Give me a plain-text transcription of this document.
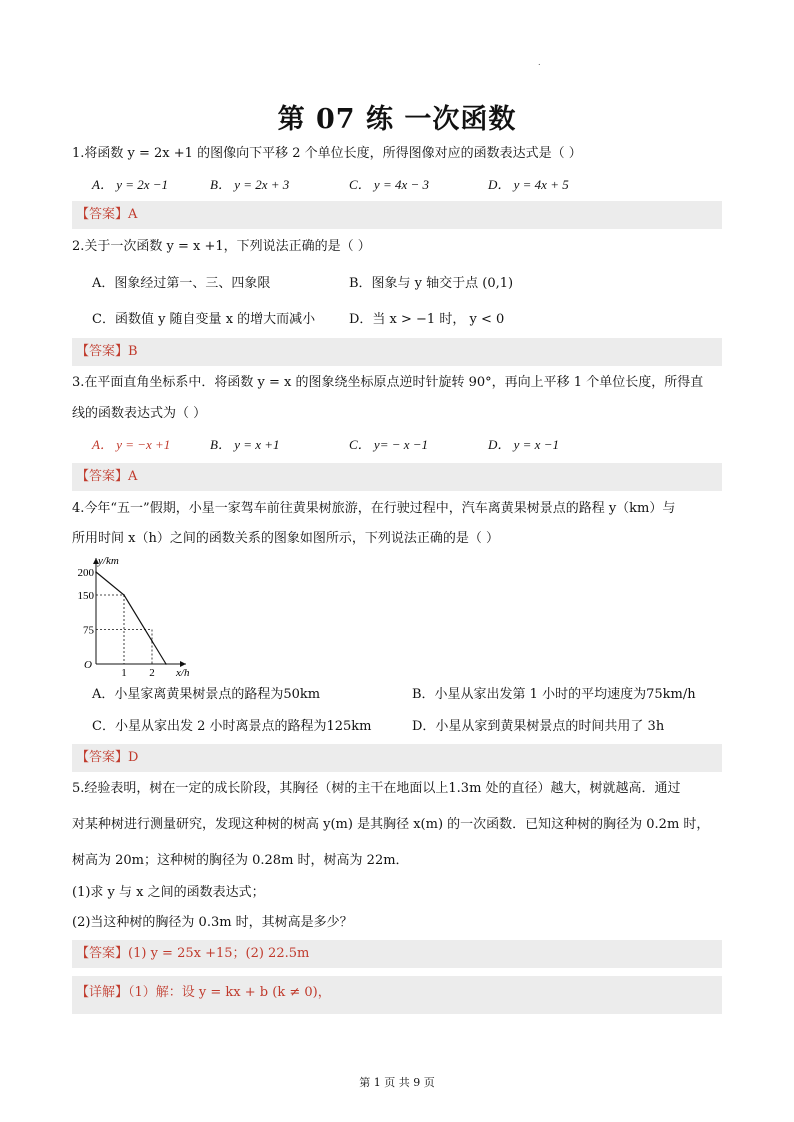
.
第 07 练 一次函数
1.将函数 y = 2x +1 的图像向下平移 2 个单位长度，所得图像对应的函数表达式是（ ）
A． y = 2x −1	B． y = 2x + 3	C． y = 4x − 3	D． y = 4x + 5
【答案】A
2.关于一次函数 y = x +1，下列说法正确的是（ ）
A．图象经过第一、三、四象限	B．图象与 y 轴交于点 (0,1)
C．函数值 y 随自变量 x 的增大而减小	D．当 x > −1 时， y < 0
【答案】B
3.在平面直角坐标系中．将函数 y = x 的图象绕坐标原点逆时针旋转 90°，再向上平移 1 个单位长度，所得直
线的函数表达式为（ ）
A． y = −x +1	B． y = x +1	C． y= − x −1	D． y = x −1
【答案】A
4.今年“五一”假期，小星一家驾车前往黄果树旅游，在行驶过程中，汽车离黄果树景点的路程 y（km）与
所用时间 x（h）之间的函数关系的图象如图所示，下列说法正确的是（ ）
y/km
x/h
O
75
150
200
1 2
A．小星家离黄果树景点的路程为50km	B．小星从家出发第 1 小时的平均速度为75km/h
C．小星从家出发 2 小时离景点的路程为125km	D．小星从家到黄果树景点的时间共用了 3h
【答案】D
5.经验表明，树在一定的成长阶段，其胸径（树的主干在地面以上1.3m 处的直径）越大，树就越高．通过
对某种树进行测量研究，发现这种树的树高 y(m) 是其胸径 x(m) 的一次函数．已知这种树的胸径为 0.2m 时，
树高为 20m；这种树的胸径为 0.28m 时，树高为 22m．
(1)求 y 与 x 之间的函数表达式；
(2)当这种树的胸径为 0.3m 时，其树高是多少？
【答案】(1) y = 25x +15；(2) 22.5m
【详解】（1）解：设 y = kx + b (k ≠ 0)，
第 1 页 共 9 页
